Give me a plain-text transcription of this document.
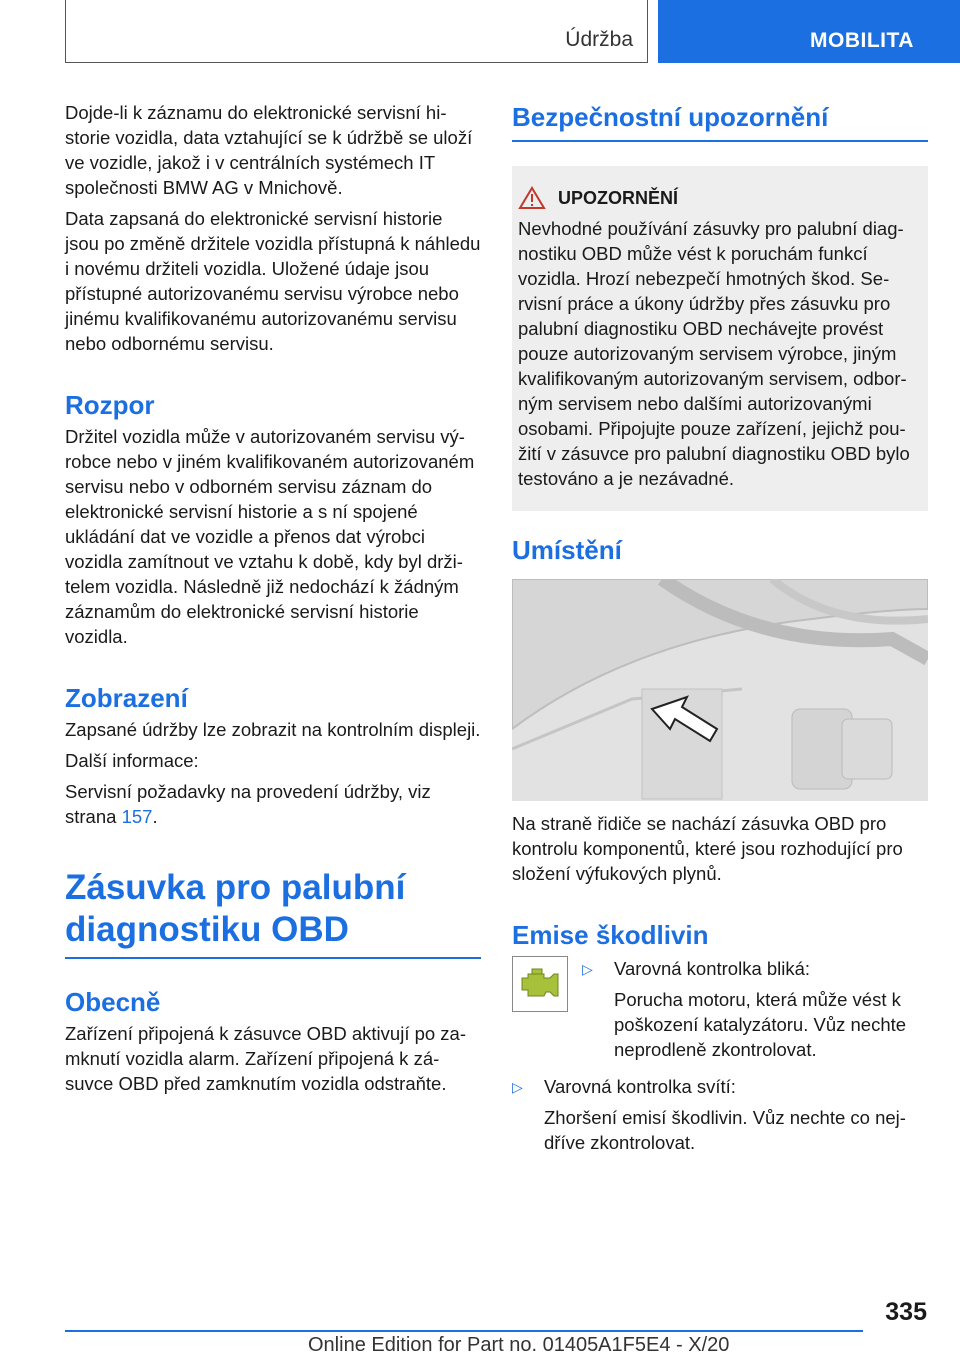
Údržba	MOBILITA

Dojde-li k záznamu do elektronické servisní historie vozidla, data vztahující se k údržbě se uloží ve vozidle, jakož i v centrálních systémech IT společnosti BMW AG v Mnichově.

Data zapsaná do elektronické servisní historie jsou po změně držitele vozidla přístupná k náhledu i novému držiteli vozidla. Uložené údaje jsou přístupné autorizovanému servisu výrobce nebo jinému kvalifikovanému autorizovanému servisu nebo odbornému servisu.

Rozpor

Držitel vozidla může v autorizovaném servisu výrobce nebo v jiném kvalifikovaném autorizovaném servisu nebo v odborném servisu záznam do elektronické servisní historie a s ní spojené ukládání dat ve vozidle a přenos dat výrobci vozidla zamítnout ve vztahu k době, kdy byl držitelem vozidla. Následně již nedochází k žádným záznamům do elektronické servisní historie vozidla.

Zobrazení

Zapsané údržby lze zobrazit na kontrolním displeji.

Další informace:

Servisní požadavky na provedení údržby, viz strana 157.

Zásuvka pro palubní
diagnostiku OBD
Obecně

Zařízení připojená k zásuvce OBD aktivují po zamknutí vozidla alarm. Zařízení připojená k zásuvce OBD před zamknutím vozidla odstraňte.

Bezpečnostní upozornění
UPOZORNĚNÍ

Nevhodné používání zásuvky pro palubní diagnostiku OBD může vést k poruchám funkcí vozidla. Hrozí nebezpečí hmotných škod. Servisní práce a úkony údržby přes zásuvku pro palubní diagnostiku OBD nechávejte provést pouze autorizovaným servisem výrobce, jiným kvalifikovaným autorizovaným servisem, odborným servisem nebo dalšími autorizovanými osobami. Připojujte pouze zařízení, jejichž použití v zásuvce pro palubní diagnostiku OBD bylo testováno a je nezávadné.

Umístění

Na straně řidiče se nachází zásuvka OBD pro kontrolu komponentů, které jsou rozhodující pro složení výfukových plynů.

Emise škodlivin
▷	Varovná kontrolka bliká:

Porucha motoru, která může vést k poškození katalyzátoru. Vůz nechte neprodleně zkontrolovat.

▷	Varovná kontrolka svítí:

Zhoršení emisí škodlivin. Vůz nechte co nejdříve zkontrolovat.

335
Online Edition for Part no. 01405A1F5E4 - X/20
